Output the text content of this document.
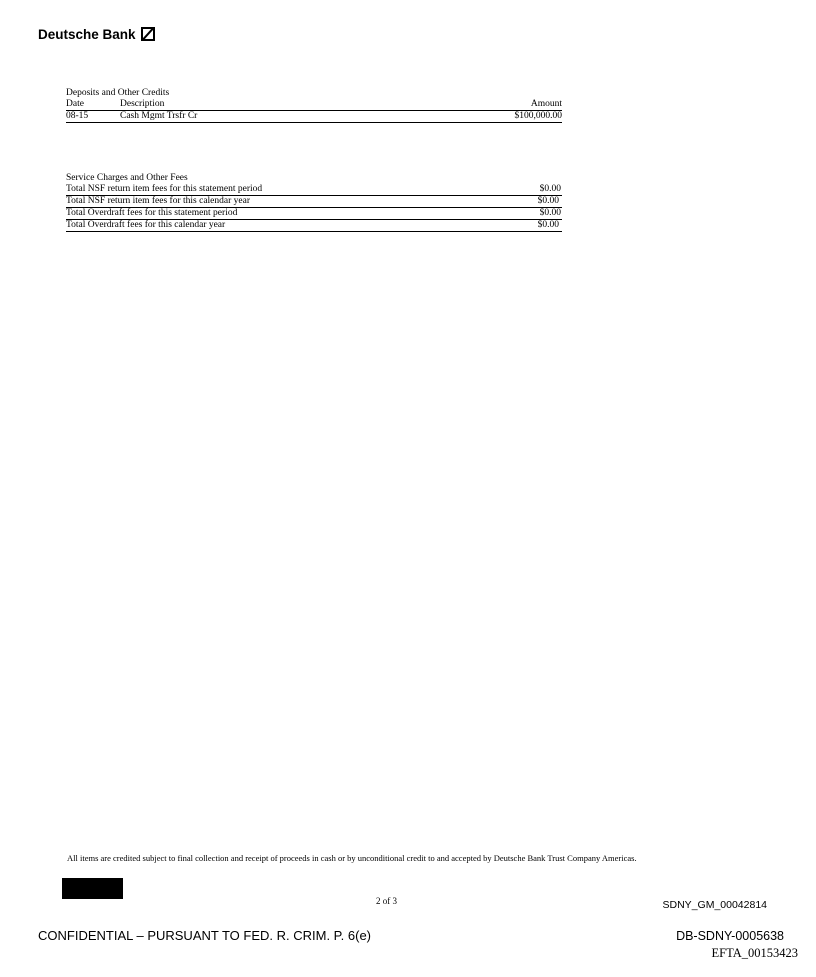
Deutsche Bank
Deposits and Other Credits
Date	Description	Amount
08-15	Cash Mgmt Trsfr Cr	$100,000.00
Service Charges and Other Fees
Total NSF return item fees for this statement period	$0.00
Total NSF return item fees for this calendar year	$0.00
Total Overdraft fees for this statement period	$0.00
Total Overdraft fees for this calendar year	$0.00
All items are credited subject to final collection and receipt of proceeds in cash or by unconditional credit to and accepted by Deutsche Bank Trust Company Americas.
2 of 3	SDNY_GM_00042814
CONFIDENTIAL – PURSUANT TO FED. R. CRIM. P. 6(e)	DB-SDNY-0005638
EFTA_00153423
